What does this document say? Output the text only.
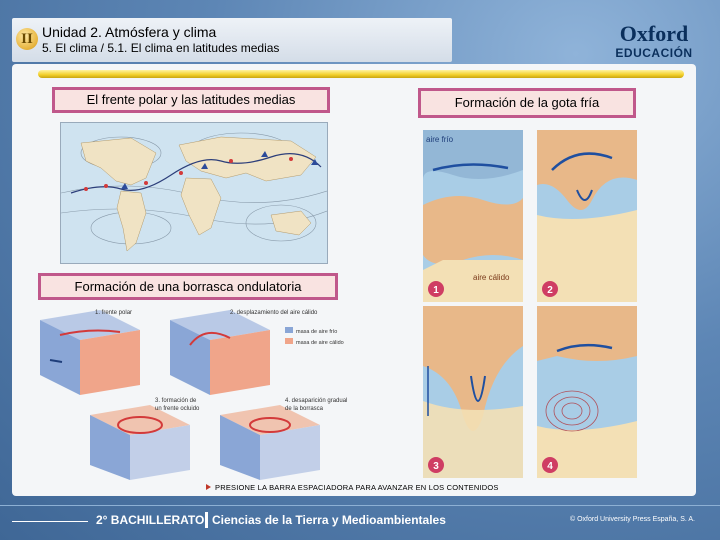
II Unidad 2. Atmósfera y clima
5. El clima / 5.1. El clima en latitudes medias
Oxford
EDUCACIÓN
El frente polar y las latitudes medias	Formación de la gota fría
1
aire frío
aire cálido
2
3	4
1. frente polar	2. desplazamiento del aire cálido
masa de aire frío
masa de aire cálido
3. formación de
un frente ocluido
4. desaparición gradual
de la borrasca
Formación de una borrasca ondulatoria
PRESIONE LA BARRA ESPACIADORA PARA AVANZAR EN LOS CONTENIDOS
2° BACHILLERATO Ciencias de la Tierra y Medioambientales	© Oxford University Press España, S. A.
